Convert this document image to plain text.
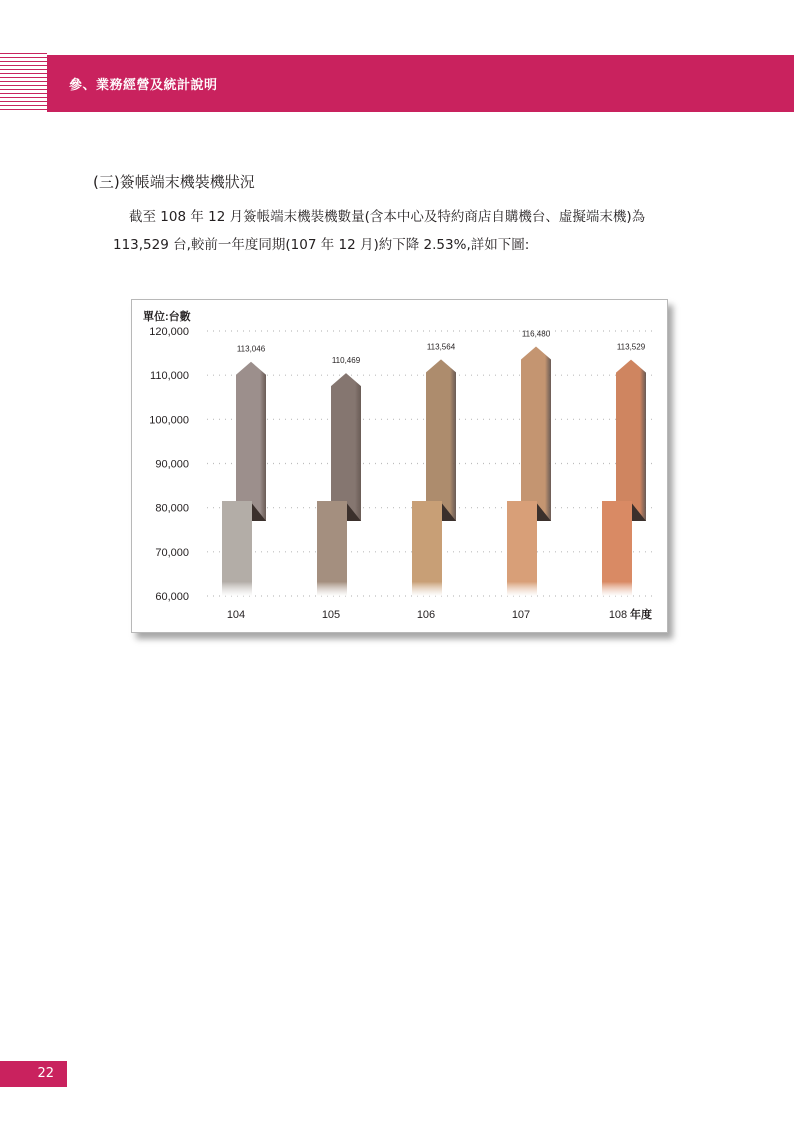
參、業務經營及統計說明
(三)簽帳端末機裝機狀況
截至 108 年 12 月簽帳端末機裝機數量(含本中心及特約商店自購機台、虛擬端末機)為
113,529 台,較前一年度同期(107 年 12 月)約下降 2.53%,詳如下圖:
單位:台數
年度
60,000
70,000
80,000
90,000
100,000
110,000
120,000
113,046
104
110,469
105
113,564
106
116,480
107
113,529
108
22
